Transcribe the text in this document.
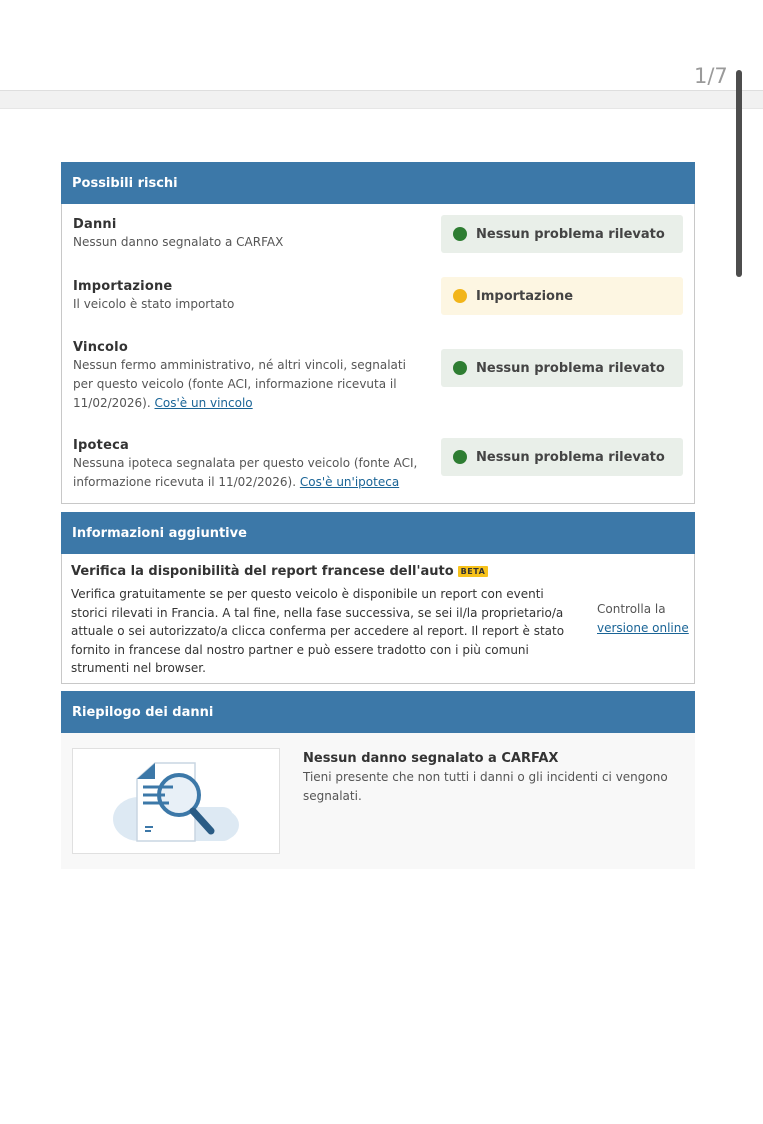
1/7
Possibili rischi
Danni
Nessun danno segnalato a CARFAX
Nessun problema rilevato
Importazione
Il veicolo è stato importato
Importazione
Vincolo
Nessun fermo amministrativo, né altri vincoli, segnalati per questo veicolo (fonte ACI, informazione ricevuta il 11/02/2026). Cos'è un vincolo
Nessun problema rilevato
Ipoteca
Nessuna ipoteca segnalata per questo veicolo (fonte ACI, informazione ricevuta il 11/02/2026). Cos'è un'ipoteca
Nessun problema rilevato
Informazioni aggiuntive
Verifica la disponibilità del report francese dell'auto BETA
Verifica gratuitamente se per questo veicolo è disponibile un report con eventi storici rilevati in Francia. A tal fine, nella fase successiva, se sei il/la proprietario/a attuale o sei autorizzato/a clicca conferma per accedere al report. Il report è stato fornito in francese dal nostro partner e può essere tradotto con i più comuni strumenti nel browser.
Controlla la
versione online
Riepilogo dei danni
Nessun danno segnalato a CARFAX
Tieni presente che non tutti i danni o gli incidenti ci vengono segnalati.
